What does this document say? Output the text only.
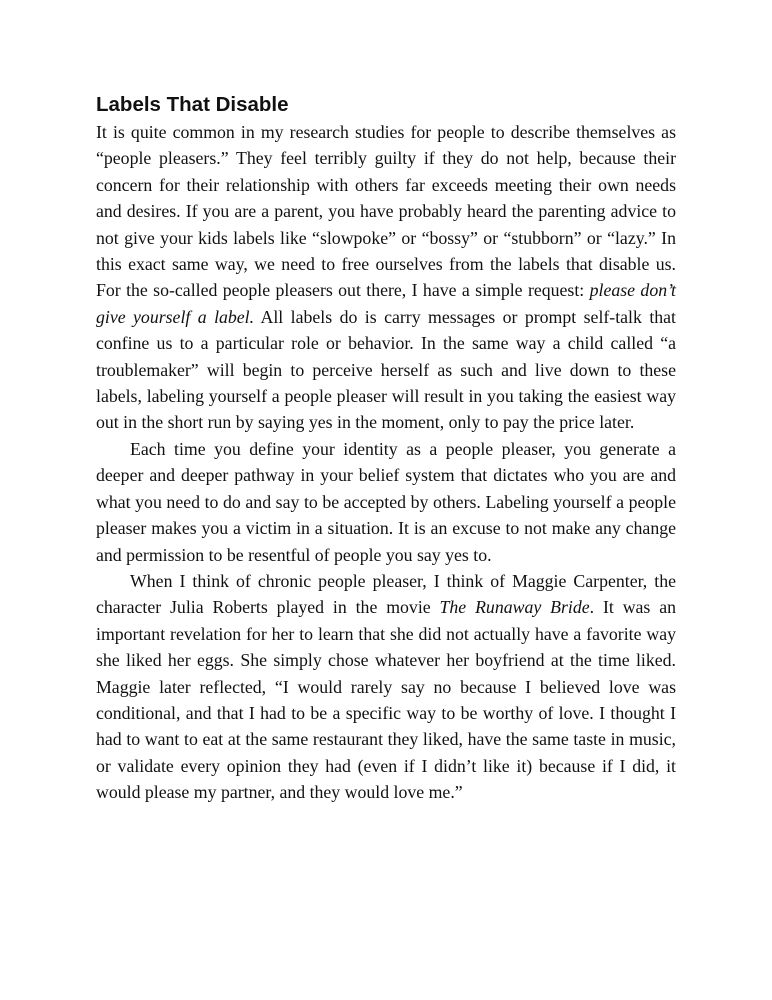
Labels That Disable

It is quite common in my research studies for people to describe themselves as “people pleasers.” They feel terribly guilty if they do not help, because their concern for their relationship with others far exceeds meeting their own needs and desires. If you are a parent, you have probably heard the parenting advice to not give your kids labels like “slowpoke” or “bossy” or “stubborn” or “lazy.” In this exact same way, we need to free ourselves from the labels that disable us. For the so-called people pleasers out there, I have a simple request: please don’t give yourself a label. All labels do is carry messages or prompt self-talk that confine us to a particular role or behavior. In the same way a child called “a troublemaker” will begin to perceive herself as such and live down to these labels, labeling yourself a people pleaser will result in you taking the easiest way out in the short run by saying yes in the moment, only to pay the price later.

Each time you define your identity as a people pleaser, you generate a deeper and deeper pathway in your belief system that dictates who you are and what you need to do and say to be accepted by others. Labeling yourself a people pleaser makes you a victim in a situation. It is an excuse to not make any change and permission to be resentful of people you say yes to.

When I think of chronic people pleaser, I think of Maggie Carpenter, the character Julia Roberts played in the movie The Runaway Bride. It was an important revelation for her to learn that she did not actually have a favorite way she liked her eggs. She simply chose whatever her boyfriend at the time liked. Maggie later reflected, “I would rarely say no because I believed love was conditional, and that I had to be a specific way to be worthy of love. I thought I had to want to eat at the same restaurant they liked, have the same taste in music, or validate every opinion they had (even if I didn’t like it) because if I did, it would please my partner, and they would love me.”
